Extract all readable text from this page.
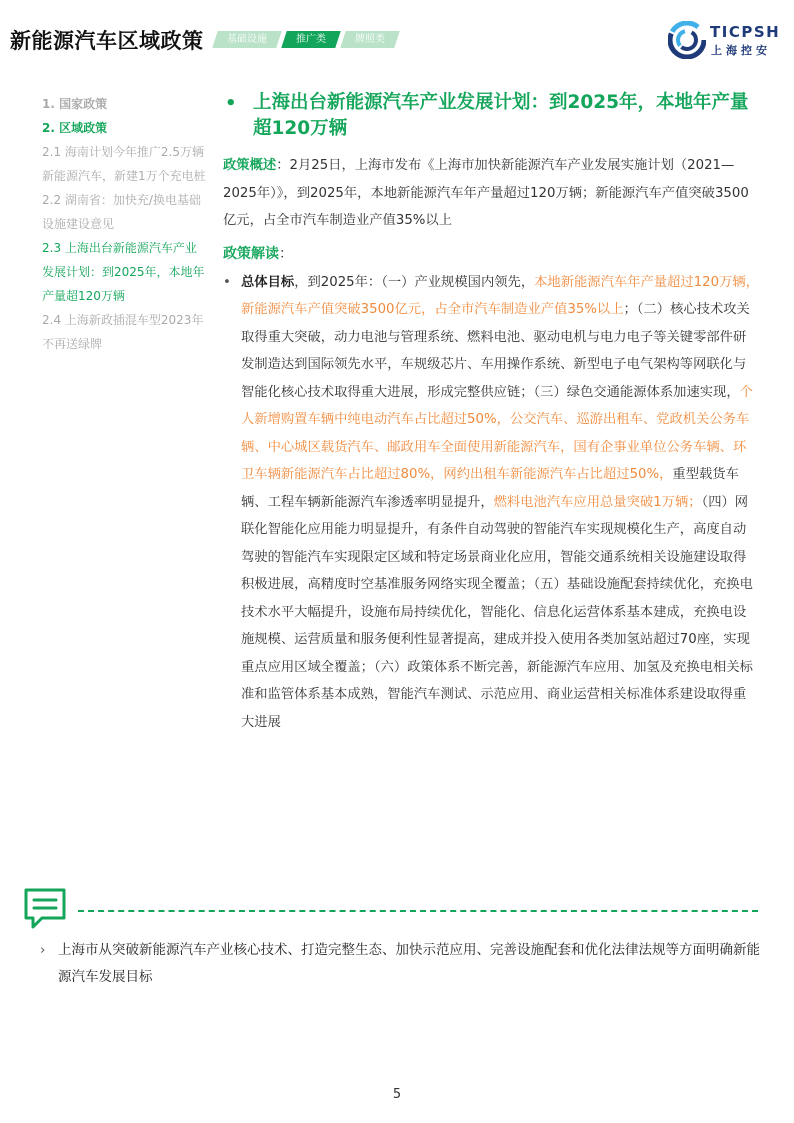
新能源汽车区域政策	基础设施	推广类	牌照类	TICPSH
上海控安
1. 国家政策
2. 区域政策
2.1 海南计划今年推广2.5万辆新能源汽车，新建1万个充电桩
2.2 湖南省：加快充/换电基础设施建设意见
2.3 上海出台新能源汽车产业发展计划：到2025年，本地年产量超120万辆
2.4 上海新政插混车型2023年不再送绿牌
• 上海出台新能源汽车产业发展计划：到2025年，本地年产量超120万辆
政策概述：2月25日，上海市发布《上海市加快新能源汽车产业发展实施计划（2021—2025年）》，到2025年，本地新能源汽车年产量超过120万辆；新能源汽车产值突破3500亿元，占全市汽车制造业产值35%以上
政策解读：
• 总体目标，到2025年：（一）产业规模国内领先，本地新能源汽车年产量超过120万辆，新能源汽车产值突破3500亿元，占全市汽车制造业产值35%以上；（二）核心技术攻关取得重大突破，动力电池与管理系统、燃料电池、驱动电机与电力电子等关键零部件研发制造达到国际领先水平，车规级芯片、车用操作系统、新型电子电气架构等网联化与智能化核心技术取得重大进展，形成完整供应链；（三）绿色交通能源体系加速实现，个人新增购置车辆中纯电动汽车占比超过50%，公交汽车、巡游出租车、党政机关公务车辆、中心城区载货汽车、邮政用车全面使用新能源汽车，国有企事业单位公务车辆、环卫车辆新能源汽车占比超过80%，网约出租车新能源汽车占比超过50%，重型载货车辆、工程车辆新能源汽车渗透率明显提升，燃料电池汽车应用总量突破1万辆；（四）网联化智能化应用能力明显提升，有条件自动驾驶的智能汽车实现规模化生产，高度自动驾驶的智能汽车实现限定区域和特定场景商业化应用，智能交通系统相关设施建设取得积极进展，高精度时空基准服务网络实现全覆盖；（五）基础设施配套持续优化，充换电技术水平大幅提升，设施布局持续优化，智能化、信息化运营体系基本建成，充换电设施规模、运营质量和服务便利性显著提高，建成并投入使用各类加氢站超过70座，实现重点应用区域全覆盖；（六）政策体系不断完善，新能源汽车应用、加氢及充换电相关标准和监管体系基本成熟，智能汽车测试、示范应用、商业运营相关标准体系建设取得重大进展
› 上海市从突破新能源汽车产业核心技术、打造完整生态、加快示范应用、完善设施配套和优化法律法规等方面明确新能源汽车发展目标
5
